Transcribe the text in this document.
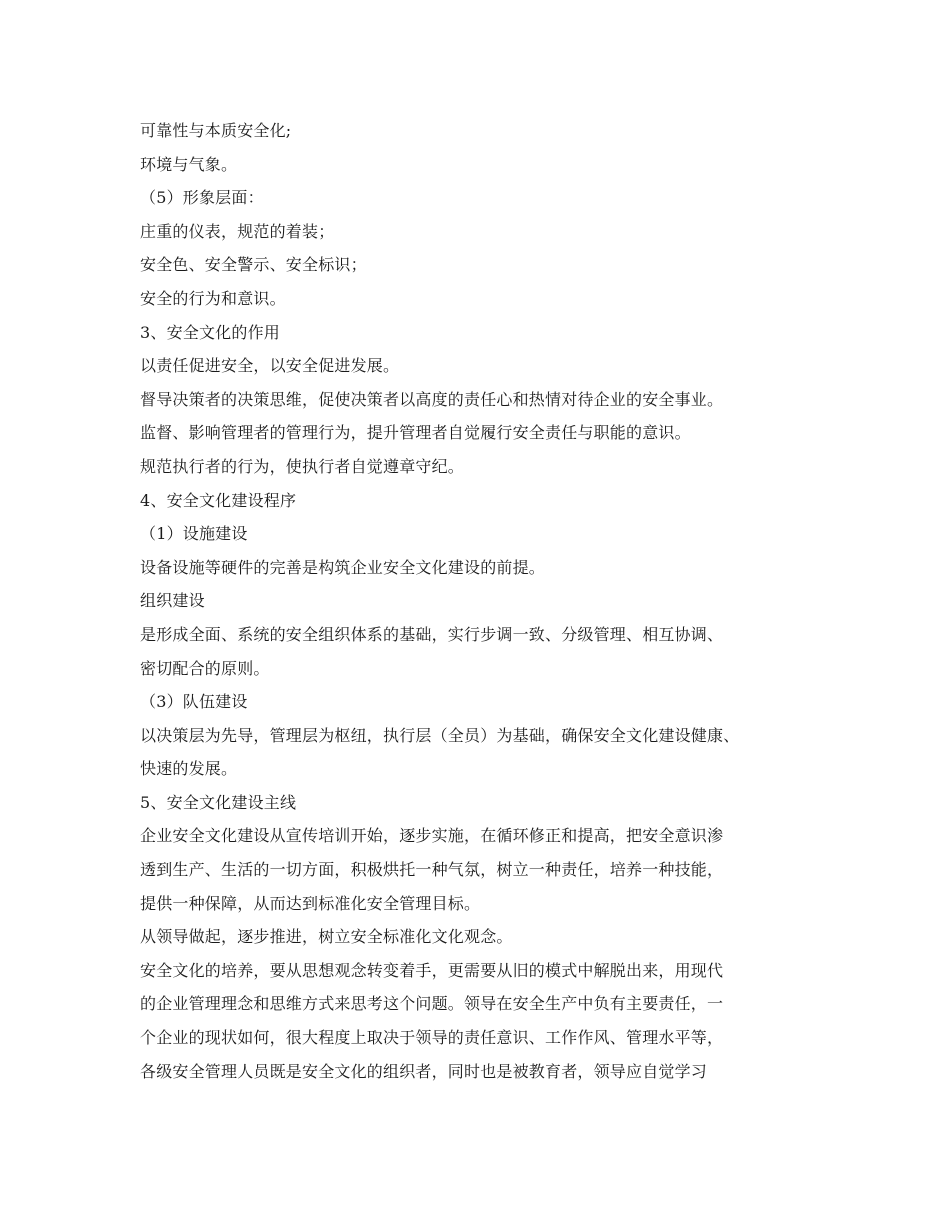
可靠性与本质安全化;
环境与气象。
（5）形象层面：
庄重的仪表，规范的着装；
安全色、安全警示、安全标识；
安全的行为和意识。
3、安全文化的作用
以责任促进安全，以安全促进发展。
督导决策者的决策思维，促使决策者以高度的责任心和热情对待企业的安全事业。
监督、影响管理者的管理行为，提升管理者自觉履行安全责任与职能的意识。
规范执行者的行为，使执行者自觉遵章守纪。
4、安全文化建设程序
（1）设施建设
设备设施等硬件的完善是构筑企业安全文化建设的前提。
组织建设
是形成全面、系统的安全组织体系的基础，实行步调一致、分级管理、相互协调、
密切配合的原则。
（3）队伍建设
以决策层为先导，管理层为枢纽，执行层（全员）为基础，确保安全文化建设健康、
快速的发展。
5、安全文化建设主线
企业安全文化建设从宣传培训开始，逐步实施，在循环修正和提高，把安全意识渗
透到生产、生活的一切方面，积极烘托一种气氛，树立一种责任，培养一种技能，
提供一种保障，从而达到标准化安全管理目标。
从领导做起，逐步推进，树立安全标准化文化观念。
安全文化的培养，要从思想观念转变着手，更需要从旧的模式中解脱出来，用现代
的企业管理理念和思维方式来思考这个问题。领导在安全生产中负有主要责任，一
个企业的现状如何，很大程度上取决于领导的责任意识、工作作风、管理水平等，
各级安全管理人员既是安全文化的组织者，同时也是被教育者，领导应自觉学习
